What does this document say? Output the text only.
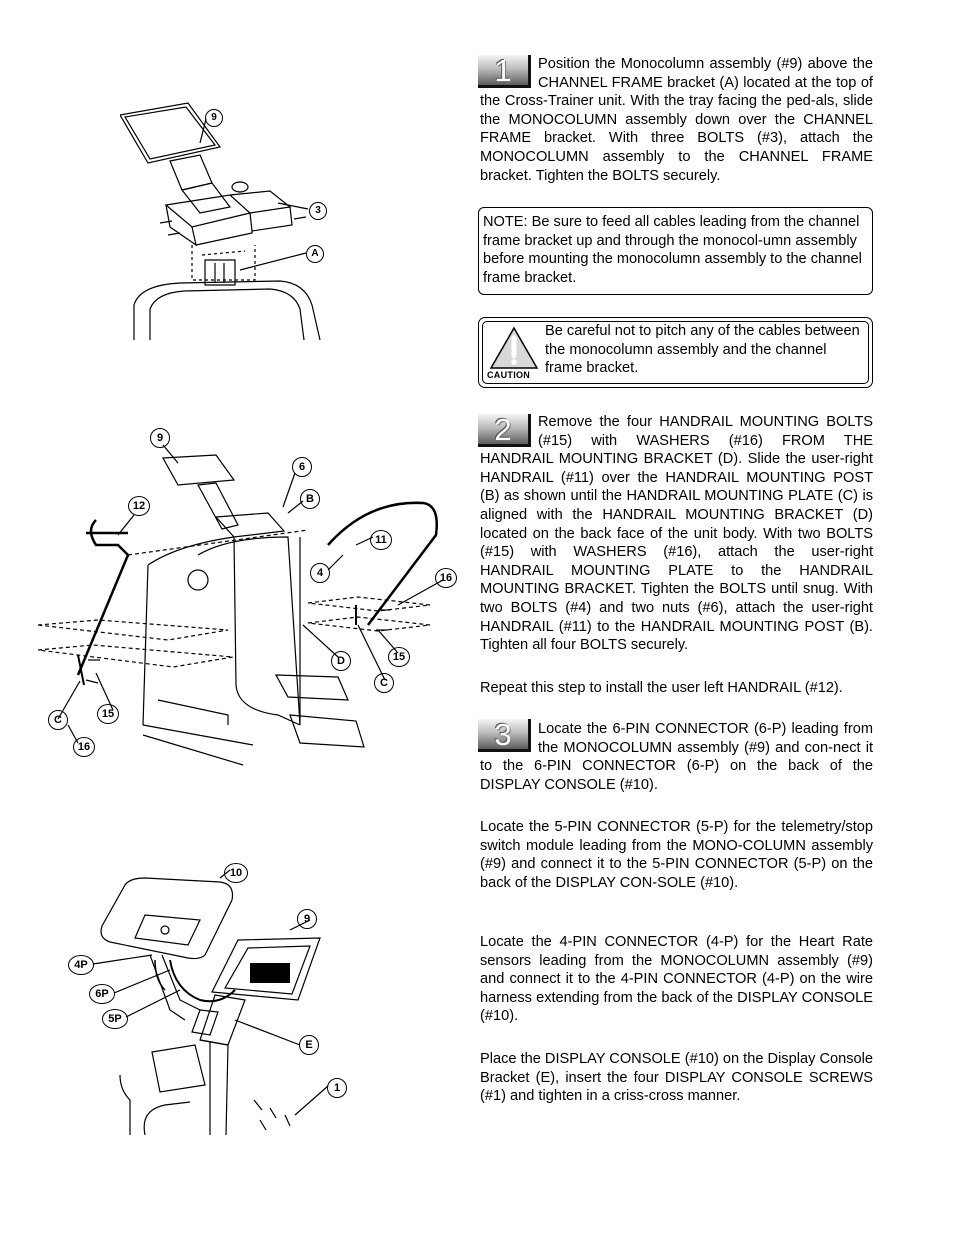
9
3
A
9
6
B
12
11
4	16
D	15
C
C	15
16
10
9
4P
6P
5P
E
1
1	Position the Monocolumn assembly (#9) above the CHANNEL FRAME bracket (A) located at the top of the Cross-Trainer unit. With the tray facing the ped-als, slide the MONOCOLUMN assembly down over the CHANNEL FRAME bracket. With three BOLTS (#3), attach the MONOCOLUMN assembly to the CHANNEL FRAME bracket. Tighten the BOLTS securely.

NOTE: Be sure to feed all cables leading from the channel frame bracket up and through the monocol-umn assembly before mounting the monocolumn assembly to the channel frame bracket.
CAUTION
Be careful not to pitch any of the cables between the monocolumn assembly and the channel frame bracket.
2	Remove the four HANDRAIL MOUNTING BOLTS (#15) with WASHERS (#16) FROM THE HANDRAIL MOUNTING BRACKET (D). Slide the user-right HANDRAIL (#11) over the HANDRAIL MOUNTING POST (B) as shown until the HANDRAIL MOUNTING PLATE (C) is aligned with the HANDRAIL MOUNTING BRACKET (D) located on the back face of the unit body. With two BOLTS (#15) with WASHERS (#16), attach the user-right HANDRAIL MOUNTING PLATE to the HANDRAIL MOUNTING BRACKET. Tighten the BOLTS until snug. With two BOLTS (#4) and two nuts (#6), attach the user-right HANDRAIL (#11) to the HANDRAIL MOUNTING POST (B). Tighten all four BOLTS securely.

Repeat this step to install the user left HANDRAIL (#12).

3	Locate the 6-PIN CONNECTOR (6-P) leading from the MONOCOLUMN assembly (#9) and con-nect it to the 6-PIN CONNECTOR (6-P) on the back of the DISPLAY CONSOLE (#10).

Locate the 5-PIN CONNECTOR (5-P) for the telemetry/stop switch module leading from the MONO-COLUMN assembly (#9) and connect it to the 5-PIN CONNECTOR (5-P) on the back of the DISPLAY CON-SOLE (#10).

Locate the 4-PIN CONNECTOR (4-P) for the Heart Rate sensors leading from the MONOCOLUMN assembly (#9) and connect it to the 4-PIN CONNECTOR (4-P) on the wire harness extending from the back of the DISPLAY CONSOLE (#10).

Place the DISPLAY CONSOLE (#10) on the Display Console Bracket (E), insert the four DISPLAY CONSOLE SCREWS (#1) and tighten in a criss-cross manner.
